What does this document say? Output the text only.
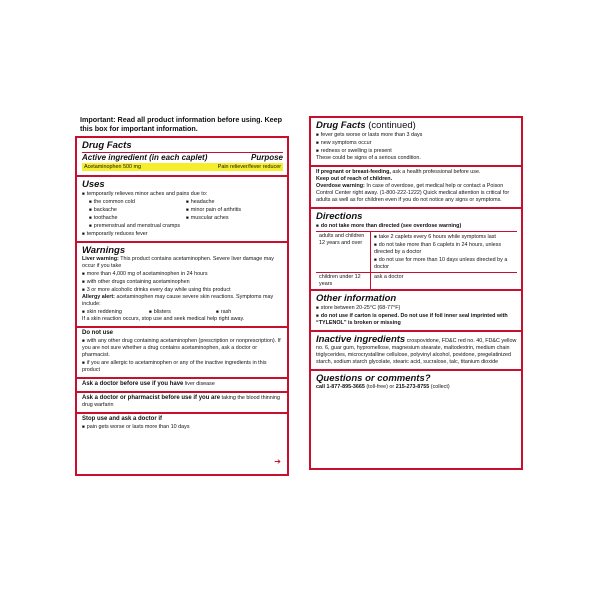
Important: Read all product information before using. Keep this box for important information.
Drug Facts
Active ingredient (in each caplet)	Purpose
Acetaminophen 500 mg	Pain reliever/fever reducer
Uses
■ temporarily relieves minor aches and pains due to:
■ the common cold	■ headache
■ backache	■ minor pain of arthritis
■ toothache	■ muscular aches
■ premenstrual and menstrual cramps
■ temporarily reduces fever
Warnings
Liver warning: This product contains acetaminophen. Severe liver damage may occur if you take
■ more than 4,000 mg of acetaminophen in 24 hours
■ with other drugs containing acetaminophen
■ 3 or more alcoholic drinks every day while using this product
Allergy alert: acetaminophen may cause severe skin reactions. Symptoms may include:
■ skin reddening	■ blisters	■ rash
If a skin reaction occurs, stop use and seek medical help right away.
Do not use
■ with any other drug containing acetaminophen (prescription or nonprescription). If you are not sure whether a drug contains acetaminophen, ask a doctor or pharmacist.
■ if you are allergic to acetaminophen or any of the inactive ingredients in this product
Ask a doctor before use if you have liver disease
Ask a doctor or pharmacist before use if you are taking the blood thinning drug warfarin
Stop use and ask a doctor if
■ pain gets worse or lasts more than 10 days
➔
Drug Facts (continued)
■ fever gets worse or lasts more than 3 days
■ new symptoms occur
■ redness or swelling is present
These could be signs of a serious condition.
If pregnant or breast-feeding, ask a health professional before use.
Keep out of reach of children.
Overdose warning: In case of overdose, get medical help or contact a Poison Control Center right away. (1-800-222-1222) Quick medical attention is critical for adults as well as for children even if you do not notice any signs or symptoms.
Directions
■ do not take more than directed (see overdose warning)
adults and children 12 years and over
■ take 2 caplets every 6 hours while symptoms last
■ do not take more than 6 caplets in 24 hours, unless directed by a doctor
■ do not use for more than 10 days unless directed by a doctor
children under 12 years
ask a doctor
Other information
■ store between 20-25°C (68-77°F)
■ do not use if carton is opened. Do not use if foil inner seal imprinted with “TYLENOL” is broken or missing
Inactive ingredients crospovidone, FD&C red no. 40, FD&C yellow no. 6, guar gum, hypromellose, magnesium stearate, maltodextrin, medium chain triglycerides, microcrystalline cellulose, polyvinyl alcohol, povidone, pregelatinized starch, sodium starch glycolate, stearic acid, sucralose, talc, titanium dioxide
Questions or comments?
call 1-877-895-3665 (toll-free) or 215-273-8755 (collect)
